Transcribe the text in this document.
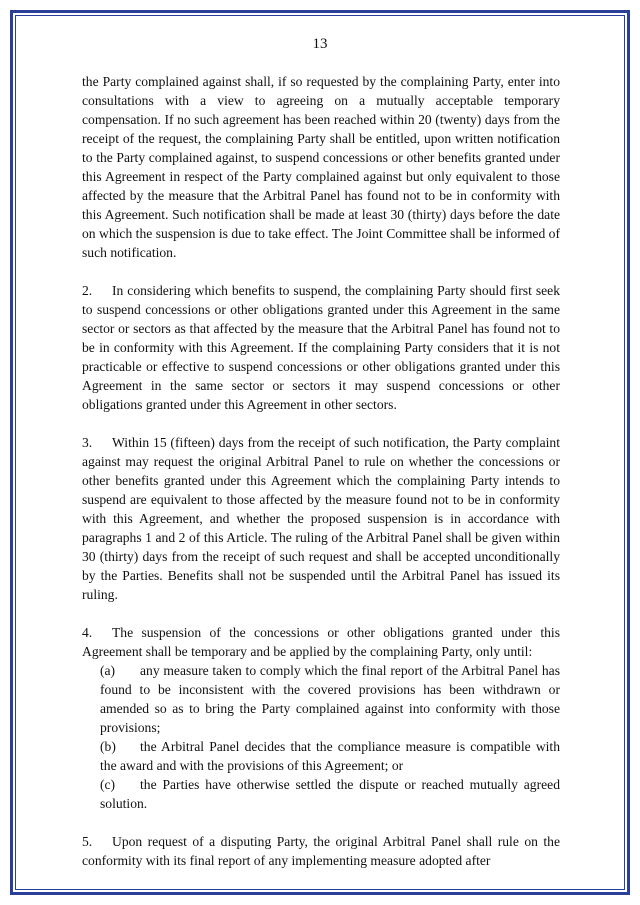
13

the Party complained against shall, if so requested by the complaining Party, enter into consultations with a view to agreeing on a mutually acceptable temporary compensation. If no such agreement has been reached within 20 (twenty) days from the receipt of the request, the complaining Party shall be entitled, upon written notification to the Party complained against, to suspend concessions or other benefits granted under this Agreement in respect of the Party complained against but only equivalent to those affected by the measure that the Arbitral Panel has found not to be in conformity with this Agreement. Such notification shall be made at least 30 (thirty) days before the date on which the suspension is due to take effect. The Joint Committee shall be informed of such notification.

2. In considering which benefits to suspend, the complaining Party should first seek to suspend concessions or other obligations granted under this Agreement in the same sector or sectors as that affected by the measure that the Arbitral Panel has found not to be in conformity with this Agreement. If the complaining Party considers that it is not practicable or effective to suspend concessions or other obligations granted under this Agreement in the same sector or sectors it may suspend concessions or other obligations granted under this Agreement in other sectors.

3. Within 15 (fifteen) days from the receipt of such notification, the Party complaint against may request the original Arbitral Panel to rule on whether the concessions or other benefits granted under this Agreement which the complaining Party intends to suspend are equivalent to those affected by the measure found not to be in conformity with this Agreement, and whether the proposed suspension is in accordance with paragraphs 1 and 2 of this Article. The ruling of the Arbitral Panel shall be given within 30 (thirty) days from the receipt of such request and shall be accepted unconditionally by the Parties. Benefits shall not be suspended until the Arbitral Panel has issued its ruling.

4. The suspension of the concessions or other obligations granted under this Agreement shall be temporary and be applied by the complaining Party, only until:

(a) any measure taken to comply which the final report of the Arbitral Panel has found to be inconsistent with the covered provisions has been withdrawn or amended so as to bring the Party complained against into conformity with those provisions;

(b) the Arbitral Panel decides that the compliance measure is compatible with the award and with the provisions of this Agreement; or

(c) the Parties have otherwise settled the dispute or reached mutually agreed solution.

5. Upon request of a disputing Party, the original Arbitral Panel shall rule on the conformity with its final report of any implementing measure adopted after
